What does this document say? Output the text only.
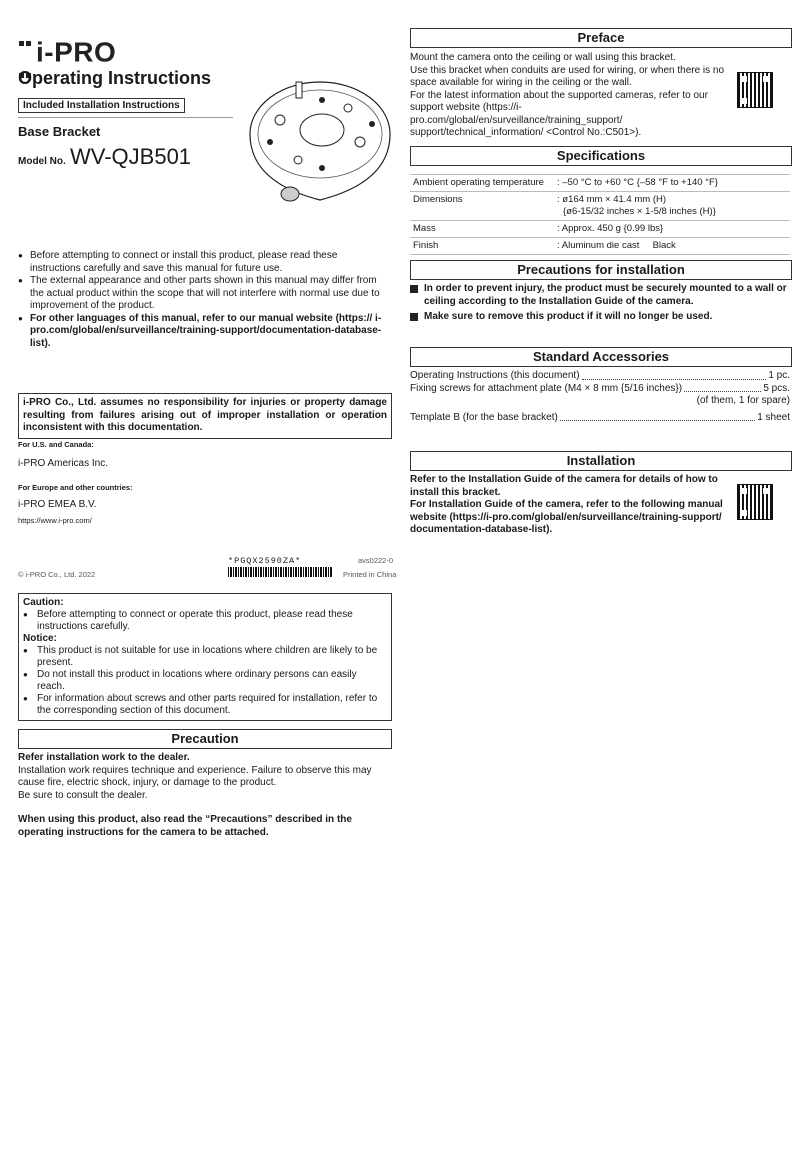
i-PRO
Operating Instructions
Included Installation Instructions
Base Bracket
Model No. WV-QJB501
● Before attempting to connect or install this product, please read these instructions carefully and save this manual for future use.
● The external appearance and other parts shown in this manual may differ from the actual product within the scope that will not interfere with normal use due to improvement of the product.
● For other languages of this manual, refer to our manual website (https:// i-pro.com/global/en/surveillance/training-support/documentation-database-list).
i-PRO Co., Ltd. assumes no responsibility for injuries or property damage resulting from failures arising out of improper installation or operation inconsistent with this documentation.
For U.S. and Canada:
i-PRO Americas Inc.
For Europe and other countries:
i-PRO EMEA B.V.
https://www.i-pro.com/
*PGQX2590ZA*	avs0222-0
© i-PRO Co., Ltd. 2022	Printed in China
Caution:
● Before attempting to connect or operate this product, please read these instructions carefully.
Notice:
● This product is not suitable for use in locations where children are likely to be present.
● Do not install this product in locations where ordinary persons can easily reach.
● For information about screws and other parts required for installation, refer to the corresponding section of this document.
Precaution
Refer installation work to the dealer.
Installation work requires technique and experience. Failure to observe this may cause fire, electric shock, injury, or damage to the product.
Be sure to consult the dealer.
When using this product, also read the “Precautions” described in the operating instructions for the camera to be attached.
Preface
Mount the camera onto the ceiling or wall using this bracket.
Use this bracket when conduits are used for wiring, or when there is no space available for wiring in the ceiling or the wall.
For the latest information about the supported cameras, refer to our support website (https://i-pro.com/global/en/surveillance/training_support/ support/technical_information/ <Control No.:C501>).
Specifications
Ambient operating temperature	: –50 °C to +60 °C {–58 °F to +140 °F}
Dimensions	: ø164 mm × 41.4 mm (H)
{ø6-15/32 inches × 1-5/8 inches (H)}

Mass	: Approx. 450 g {0.99 lbs}
Finish	: Aluminum die cast     Black
Precautions for installation
In order to prevent injury, the product must be securely mounted to a wall or ceiling according to the Installation Guide of the camera.
Make sure to remove this product if it will no longer be used.
Standard Accessories
Operating Instructions (this document)	1 pc.
Fixing screws for attachment plate (M4 × 8 mm {5/16 inches})	5 pcs.
(of them, 1 for spare)
Template B (for the base bracket)	1 sheet
Installation
Refer to the Installation Guide of the camera for details of how to install this bracket.
For Installation Guide of the camera, refer to the following manual website (https://i-pro.com/global/en/surveillance/training-support/ documentation-database-list).
